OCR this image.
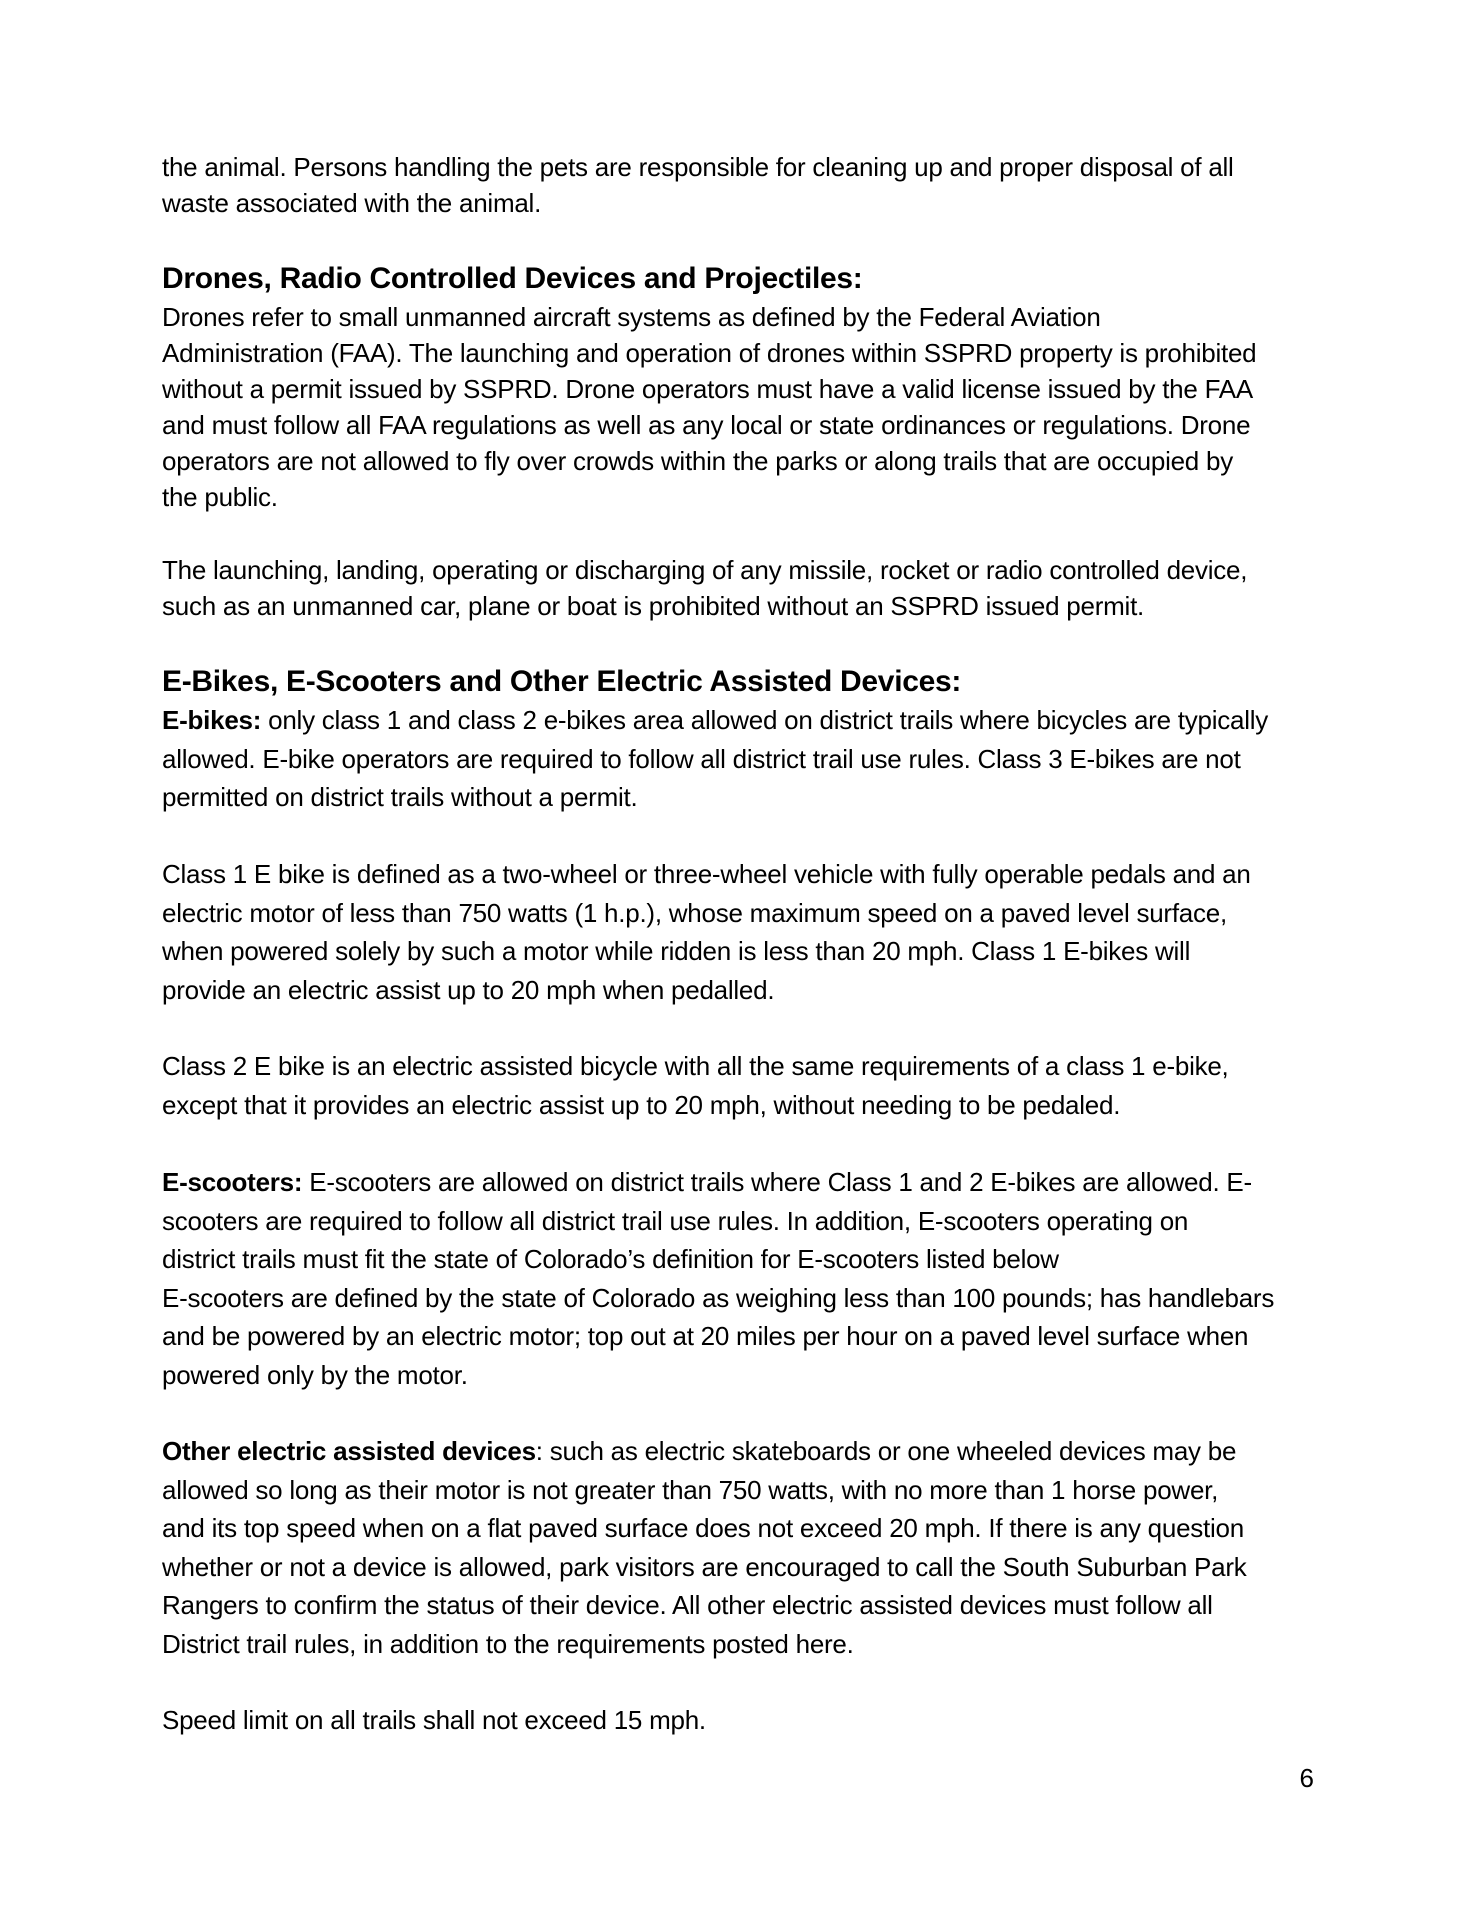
the animal. Persons handling the pets are responsible for cleaning up and proper disposal of all
waste associated with the animal.
Drones, Radio Controlled Devices and Projectiles:
Drones refer to small unmanned aircraft systems as defined by the Federal Aviation
Administration (FAA). The launching and operation of drones within SSPRD property is prohibited
without a permit issued by SSPRD. Drone operators must have a valid license issued by the FAA
and must follow all FAA regulations as well as any local or state ordinances or regulations. Drone
operators are not allowed to fly over crowds within the parks or along trails that are occupied by
the public.
The launching, landing, operating or discharging of any missile, rocket or radio controlled device,
such as an unmanned car, plane or boat is prohibited without an SSPRD issued permit.
E-Bikes, E-Scooters and Other Electric Assisted Devices:
E-bikes: only class 1 and class 2 e-bikes area allowed on district trails where bicycles are typically
allowed. E-bike operators are required to follow all district trail use rules. Class 3 E-bikes are not
permitted on district trails without a permit.
Class 1 E bike is defined as a two-wheel or three-wheel vehicle with fully operable pedals and an
electric motor of less than 750 watts (1 h.p.), whose maximum speed on a paved level surface,
when powered solely by such a motor while ridden is less than 20 mph. Class 1 E-bikes will
provide an electric assist up to 20 mph when pedalled.
Class 2 E bike is an electric assisted bicycle with all the same requirements of a class 1 e-bike,
except that it provides an electric assist up to 20 mph, without needing to be pedaled.
E-scooters: E-scooters are allowed on district trails where Class 1 and 2 E-bikes are allowed. E-
scooters are required to follow all district trail use rules. In addition, E-scooters operating on
district trails must fit the state of Colorado’s definition for E-scooters listed below
E-scooters are defined by the state of Colorado as weighing less than 100 pounds; has handlebars
and be powered by an electric motor; top out at 20 miles per hour on a paved level surface when
powered only by the motor.
Other electric assisted devices: such as electric skateboards or one wheeled devices may be
allowed so long as their motor is not greater than 750 watts, with no more than 1 horse power,
and its top speed when on a flat paved surface does not exceed 20 mph. If there is any question
whether or not a device is allowed, park visitors are encouraged to call the South Suburban Park
Rangers to confirm the status of their device. All other electric assisted devices must follow all
District trail rules, in addition to the requirements posted here.
Speed limit on all trails shall not exceed 15 mph.
6
